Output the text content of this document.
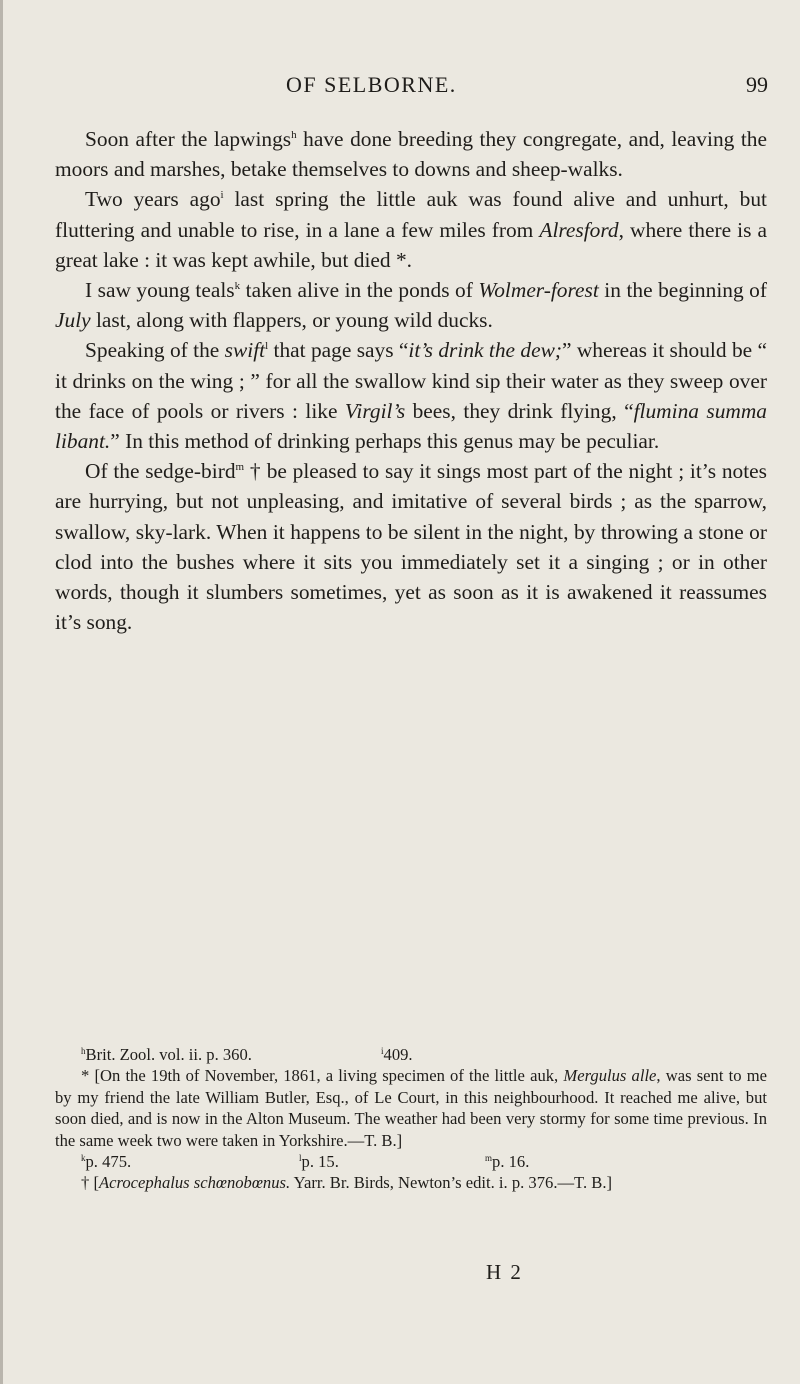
OF SELBORNE.	99

Soon after the lapwings$^h$ have done breeding they congregate, and, leaving the moors and marshes, betake themselves to downs and sheep-walks.

Two years ago$^i$ last spring the little auk was found alive and unhurt, but fluttering and unable to rise, in a lane a few miles from Alresford, where there is a great lake : it was kept awhile, but died *.

I saw young teals$^k$ taken alive in the ponds of Wolmer-forest in the beginning of July last, along with flappers, or young wild ducks.

Speaking of the swift$^l$ that page says “it’s drink the dew;” whereas it should be “ it drinks on the wing ; ” for all the swallow kind sip their water as they sweep over the face of pools or rivers : like Virgil’s bees, they drink flying, “flumina summa libant.” In this method of drinking perhaps this genus may be peculiar.

Of the sedge-bird$^m$ † be pleased to say it sings most part of the night ; it’s notes are hurrying, but not unpleasing, and imitative of several birds ; as the sparrow, swallow, sky-lark. When it happens to be silent in the night, by throwing a stone or clod into the bushes where it sits you immediately set it a singing ; or in other words, though it slumbers sometimes, yet as soon as it is awakened it reassumes it’s song.

$^h$Brit. Zool. vol. ii. p. 360.	$^i$409.

* [On the 19th of November, 1861, a living specimen of the little auk, Mergulus alle, was sent to me by my friend the late William Butler, Esq., of Le Court, in this neighbourhood. It reached me alive, but soon died, and is now in the Alton Museum. The weather had been very stormy for some time previous. In the same week two were taken in Yorkshire.—T. B.]

$^k$p. 475.	$^l$p. 15.	$^m$p. 16.

† [Acrocephalus schœnobœnus. Yarr. Br. Birds, Newton’s edit. i. p. 376.—T. B.]

H 2
